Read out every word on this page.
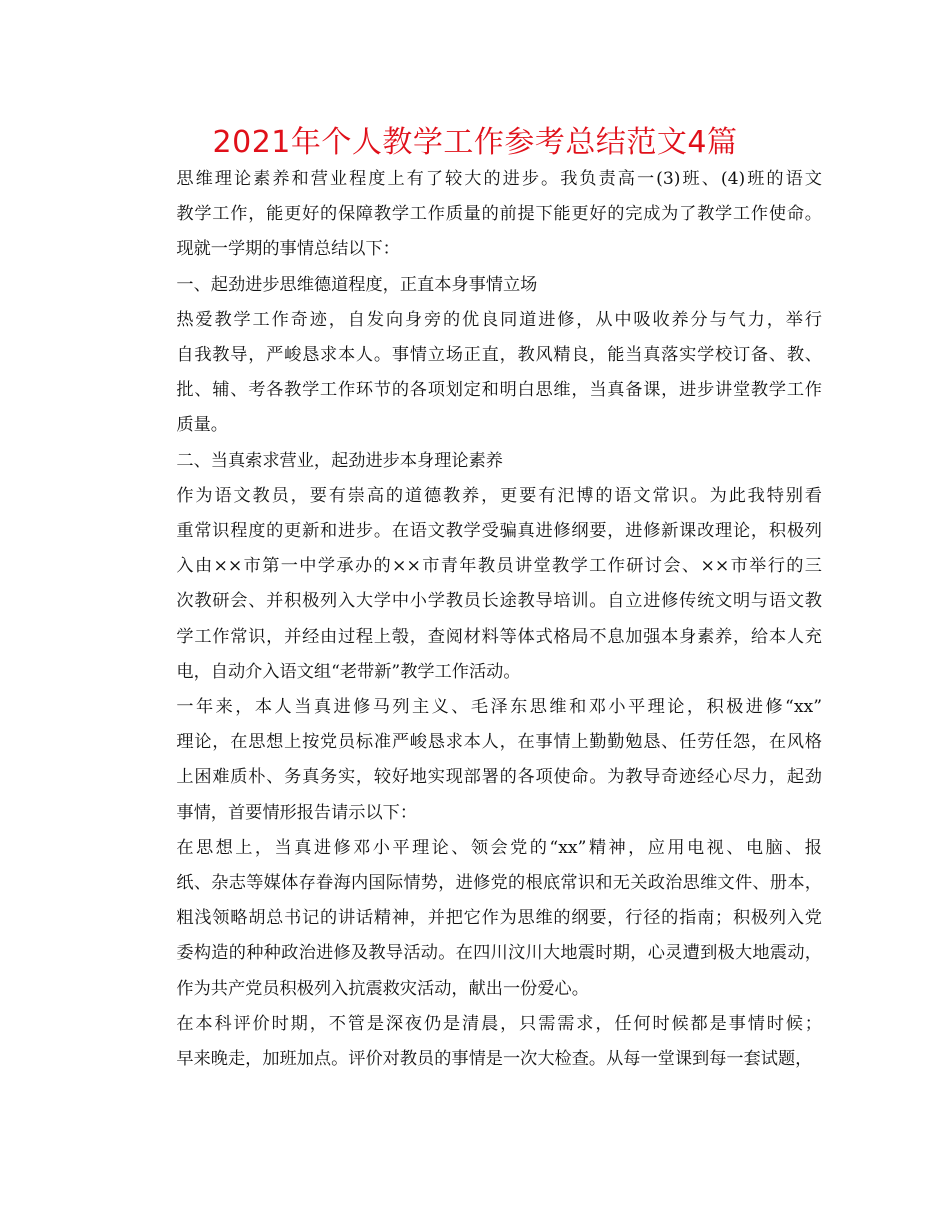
2021年个人教学工作参考总结范文4篇

思维理论素养和营业程度上有了较大的进步。我负责高一(3)班、(4)班的语文
教学工作，能更好的保障教学工作质量的前提下能更好的完成为了教学工作使命。
现就一学期的事情总结以下：

一、起劲进步思维德道程度，正直本身事情立场

热爱教学工作奇迹，自发向身旁的优良同道进修，从中吸收养分与气力，举行
自我教导，严峻恳求本人。事情立场正直，教风精良，能当真落实学校订备、教、
批、辅、考各教学工作环节的各项划定和明白思维，当真备课，进步讲堂教学工作
质量。

二、当真索求营业，起劲进步本身理论素养

作为语文教员，要有崇高的道德教养，更要有汜博的语文常识。为此我特别看
重常识程度的更新和进步。在语文教学受骗真进修纲要，进修新课改理论，积极列
入由××市第一中学承办的××市青年教员讲堂教学工作研讨会、××市举行的三
次教研会、并积极列入大学中小学教员长途教导培训。自立进修传统文明与语文教
学工作常识，并经由过程上彀，查阅材料等体式格局不息加强本身素养，给本人充
电，自动介入语文组“老带新”教学工作活动。

一年来，本人当真进修马列主义、毛泽东思维和邓小平理论，积极进修“xx”
理论，在思想上按党员标准严峻恳求本人，在事情上勤勤勉恳、任劳任怨，在风格
上困难质朴、务真务实，较好地实现部署的各项使命。为教导奇迹经心尽力，起劲
事情，首要情形报告请示以下：

在思想上，当真进修邓小平理论、领会党的“xx”精神，应用电视、电脑、报
纸、杂志等媒体存眷海内国际情势，进修党的根底常识和无关政治思维文件、册本，
粗浅领略胡总书记的讲话精神，并把它作为思维的纲要，行径的指南；积极列入党
委构造的种种政治进修及教导活动。在四川汶川大地震时期，心灵遭到极大地震动，
作为共产党员积极列入抗震救灾活动，献出一份爱心。

在本科评价时期，不管是深夜仍是清晨，只需需求，任何时候都是事情时候；
早来晚走，加班加点。评价对教员的事情是一次大检查。从每一堂课到每一套试题，
